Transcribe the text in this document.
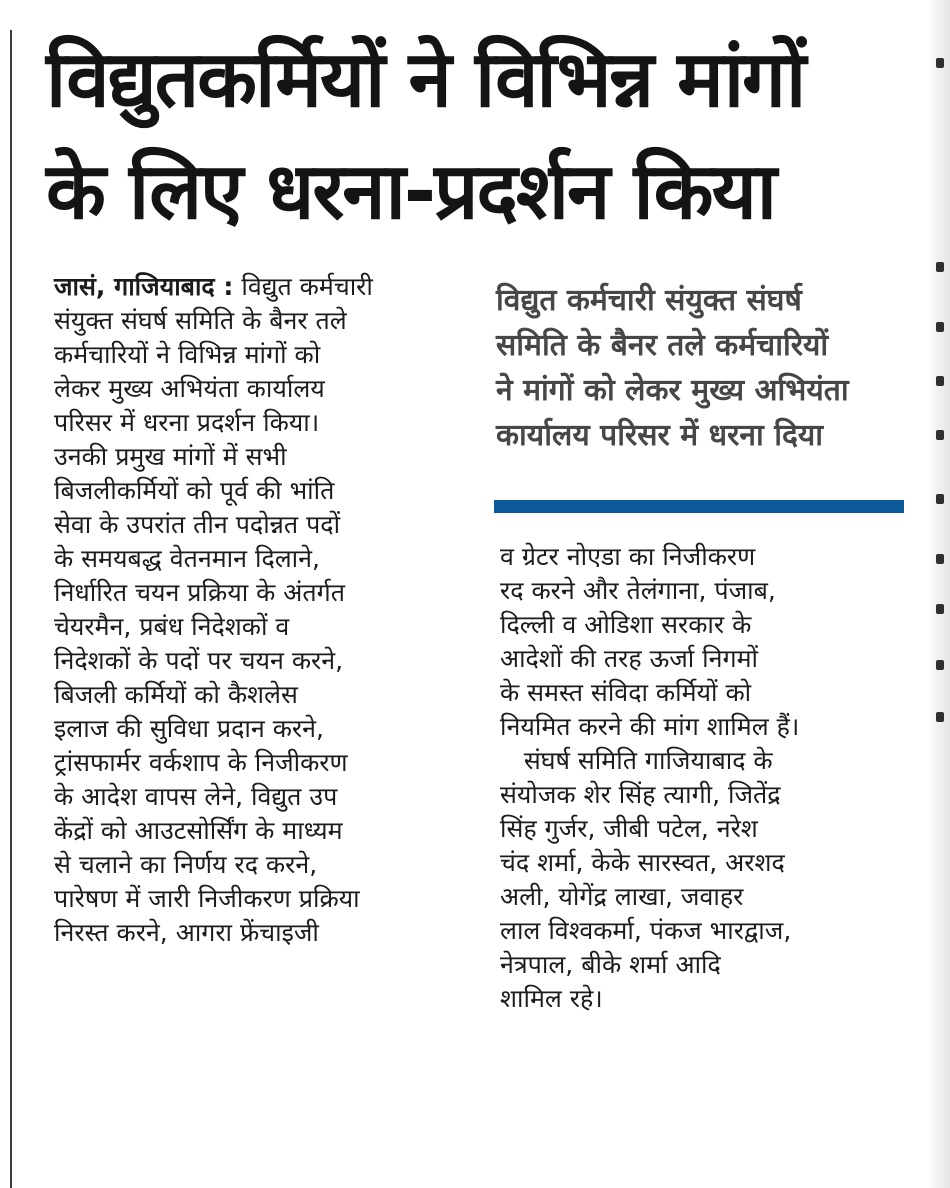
विद्युतकर्मियों ने विभिन्न मांगों
के लिए धरना-प्रदर्शन किया
जासं, गाजियाबाद : विद्युत कर्मचारी
संयुक्त संघर्ष समिति के बैनर तले
कर्मचारियों ने विभिन्न मांगों को
लेकर मुख्य अभियंता कार्यालय
परिसर में धरना प्रदर्शन किया।
उनकी प्रमुख मांगों में सभी
बिजलीकर्मियों को पूर्व की भांति
सेवा के उपरांत तीन पदोन्नत पदों
के समयबद्ध वेतनमान दिलाने,
निर्धारित चयन प्रक्रिया के अंतर्गत
चेयरमैन, प्रबंध निदेशकों व
निदेशकों के पदों पर चयन करने,
बिजली कर्मियों को कैशलेस
इलाज की सुविधा प्रदान करने,
ट्रांसफार्मर वर्कशाप के निजीकरण
के आदेश वापस लेने, विद्युत उप
केंद्रों को आउटसोर्सिंग के माध्यम
से चलाने का निर्णय रद करने,
पारेषण में जारी निजीकरण प्रक्रिया
निरस्त करने, आगरा फ्रेंचाइजी
विद्युत कर्मचारी संयुक्त संघर्ष
समिति के बैनर तले कर्मचारियों
ने मांगों को लेकर मुख्य अभियंता
कार्यालय परिसर में धरना दिया
व ग्रेटर नोएडा का निजीकरण
रद करने और तेलंगाना, पंजाब,
दिल्ली व ओडिशा सरकार के
आदेशों की तरह ऊर्जा निगमों
के समस्त संविदा कर्मियों को
नियमित करने की मांग शामिल हैं।
संघर्ष समिति गाजियाबाद के
संयोजक शेर सिंह त्यागी, जितेंद्र
सिंह गुर्जर, जीबी पटेल, नरेश
चंद शर्मा, केके सारस्वत, अरशद
अली, योगेंद्र लाखा, जवाहर
लाल विश्वकर्मा, पंकज भारद्वाज,
नेत्रपाल, बीके शर्मा आदि
शामिल रहे।
